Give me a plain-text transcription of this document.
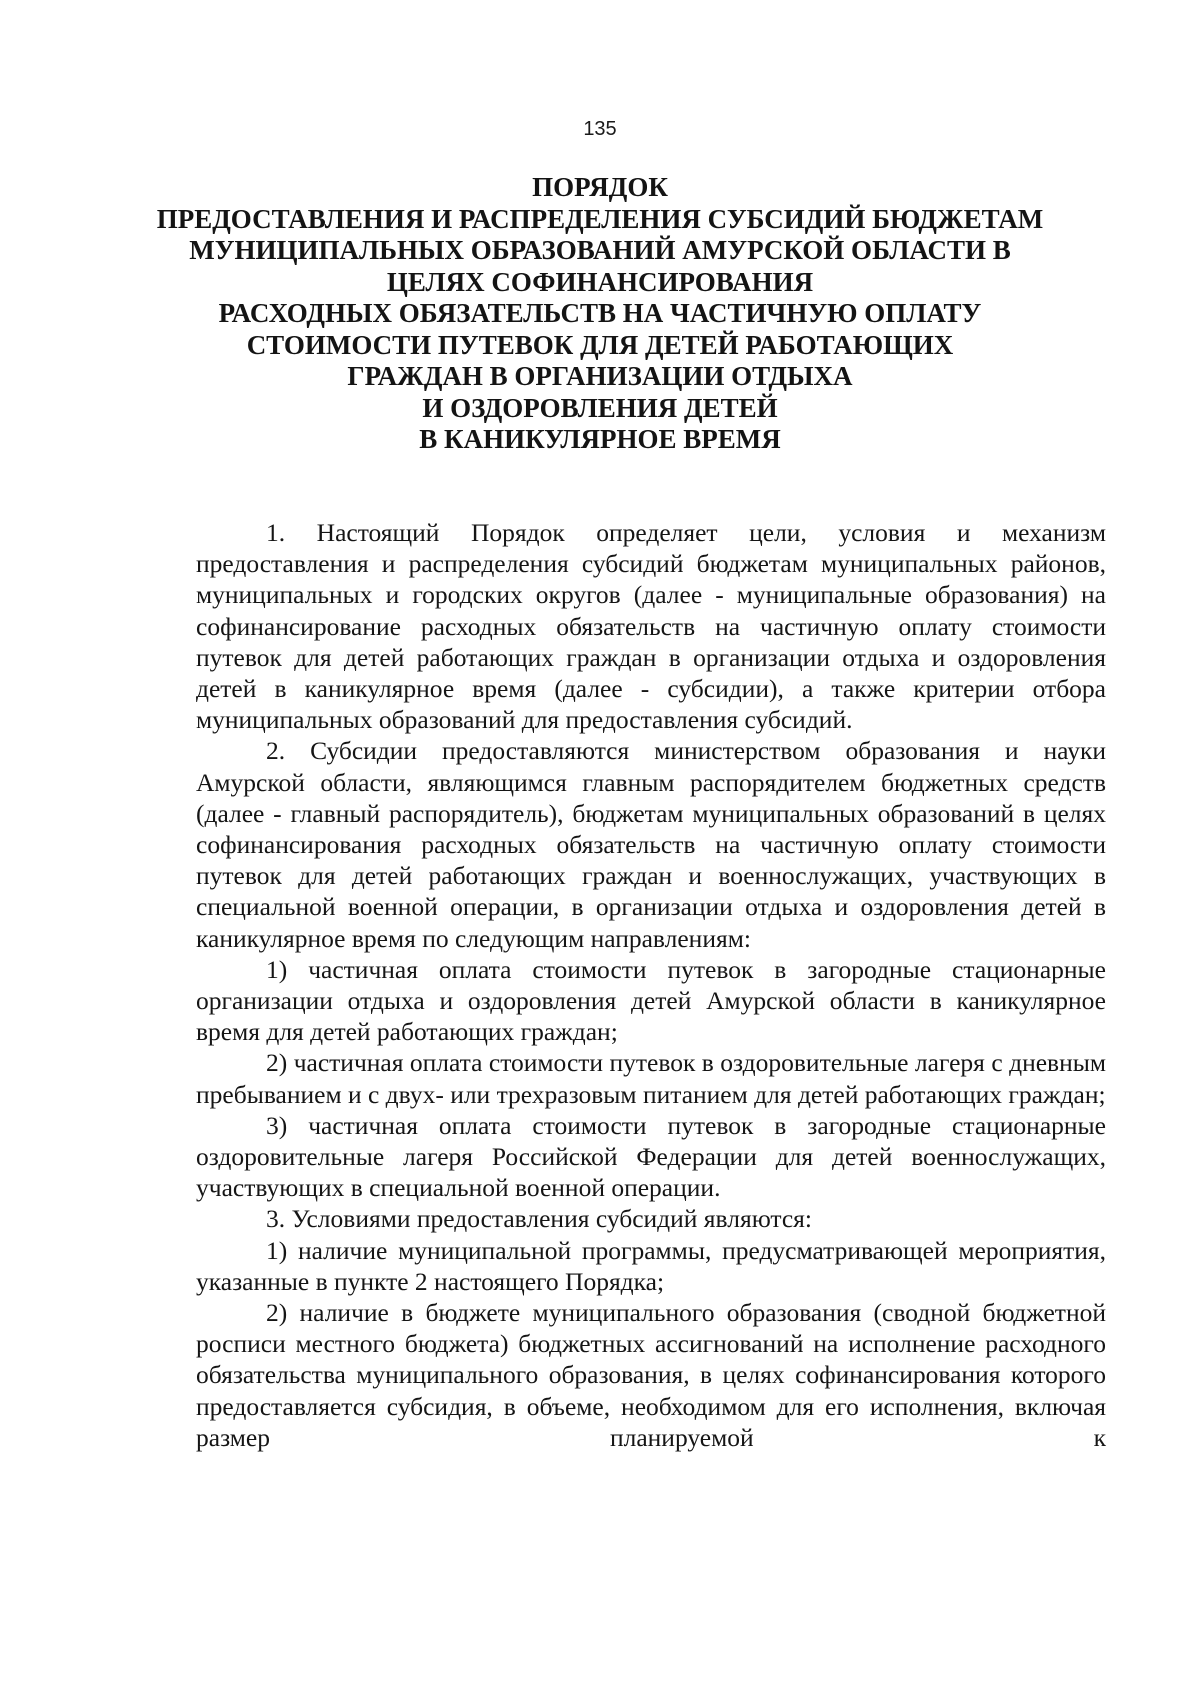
135
ПОРЯДОК
ПРЕДОСТАВЛЕНИЯ И РАСПРЕДЕЛЕНИЯ СУБСИДИЙ БЮДЖЕТАМ
МУНИЦИПАЛЬНЫХ ОБРАЗОВАНИЙ АМУРСКОЙ ОБЛАСТИ В
ЦЕЛЯХ СОФИНАНСИРОВАНИЯ
РАСХОДНЫХ ОБЯЗАТЕЛЬСТВ НА ЧАСТИЧНУЮ ОПЛАТУ
СТОИМОСТИ ПУТЕВОК ДЛЯ ДЕТЕЙ РАБОТАЮЩИХ
ГРАЖДАН В ОРГАНИЗАЦИИ ОТДЫХА
И ОЗДОРОВЛЕНИЯ ДЕТЕЙ
В КАНИКУЛЯРНОЕ ВРЕМЯ

1. Настоящий Порядок определяет цели, условия и механизм предоставления и распределения субсидий бюджетам муниципальных районов, муниципальных и городских округов (далее - муниципальные образования) на софинансирование расходных обязательств на частичную оплату стоимости путевок для детей работающих граждан в организации отдыха и оздоровления детей в каникулярное время (далее - субсидии), а также критерии отбора муниципальных образований для предоставления субсидий.

2. Субсидии предоставляются министерством образования и науки Амурской области, являющимся главным распорядителем бюджетных средств (далее - главный распорядитель), бюджетам муниципальных образований в целях софинансирования расходных обязательств на частичную оплату стоимости путевок для детей работающих граждан и военнослужащих, участвующих в специальной военной операции, в организации отдыха и оздоровления детей в каникулярное время по следующим направлениям:

1) частичная оплата стоимости путевок в загородные стационарные организации отдыха и оздоровления детей Амурской области в каникулярное время для детей работающих граждан;

2) частичная оплата стоимости путевок в оздоровительные лагеря с дневным пребыванием и с двух- или трехразовым питанием для детей работающих граждан;

3) частичная оплата стоимости путевок в загородные стационарные оздоровительные лагеря Российской Федерации для детей военнослужащих, участвующих в специальной военной операции.

3. Условиями предоставления субсидий являются:

1) наличие муниципальной программы, предусматривающей мероприятия, указанные в пункте 2 настоящего Порядка;

2) наличие в бюджете муниципального образования (сводной бюджетной росписи местного бюджета) бюджетных ассигнований на исполнение расходного обязательства муниципального образования, в целях софинансирования которого предоставляется субсидия, в объеме, необходимом для его исполнения, включая размер планируемой к
